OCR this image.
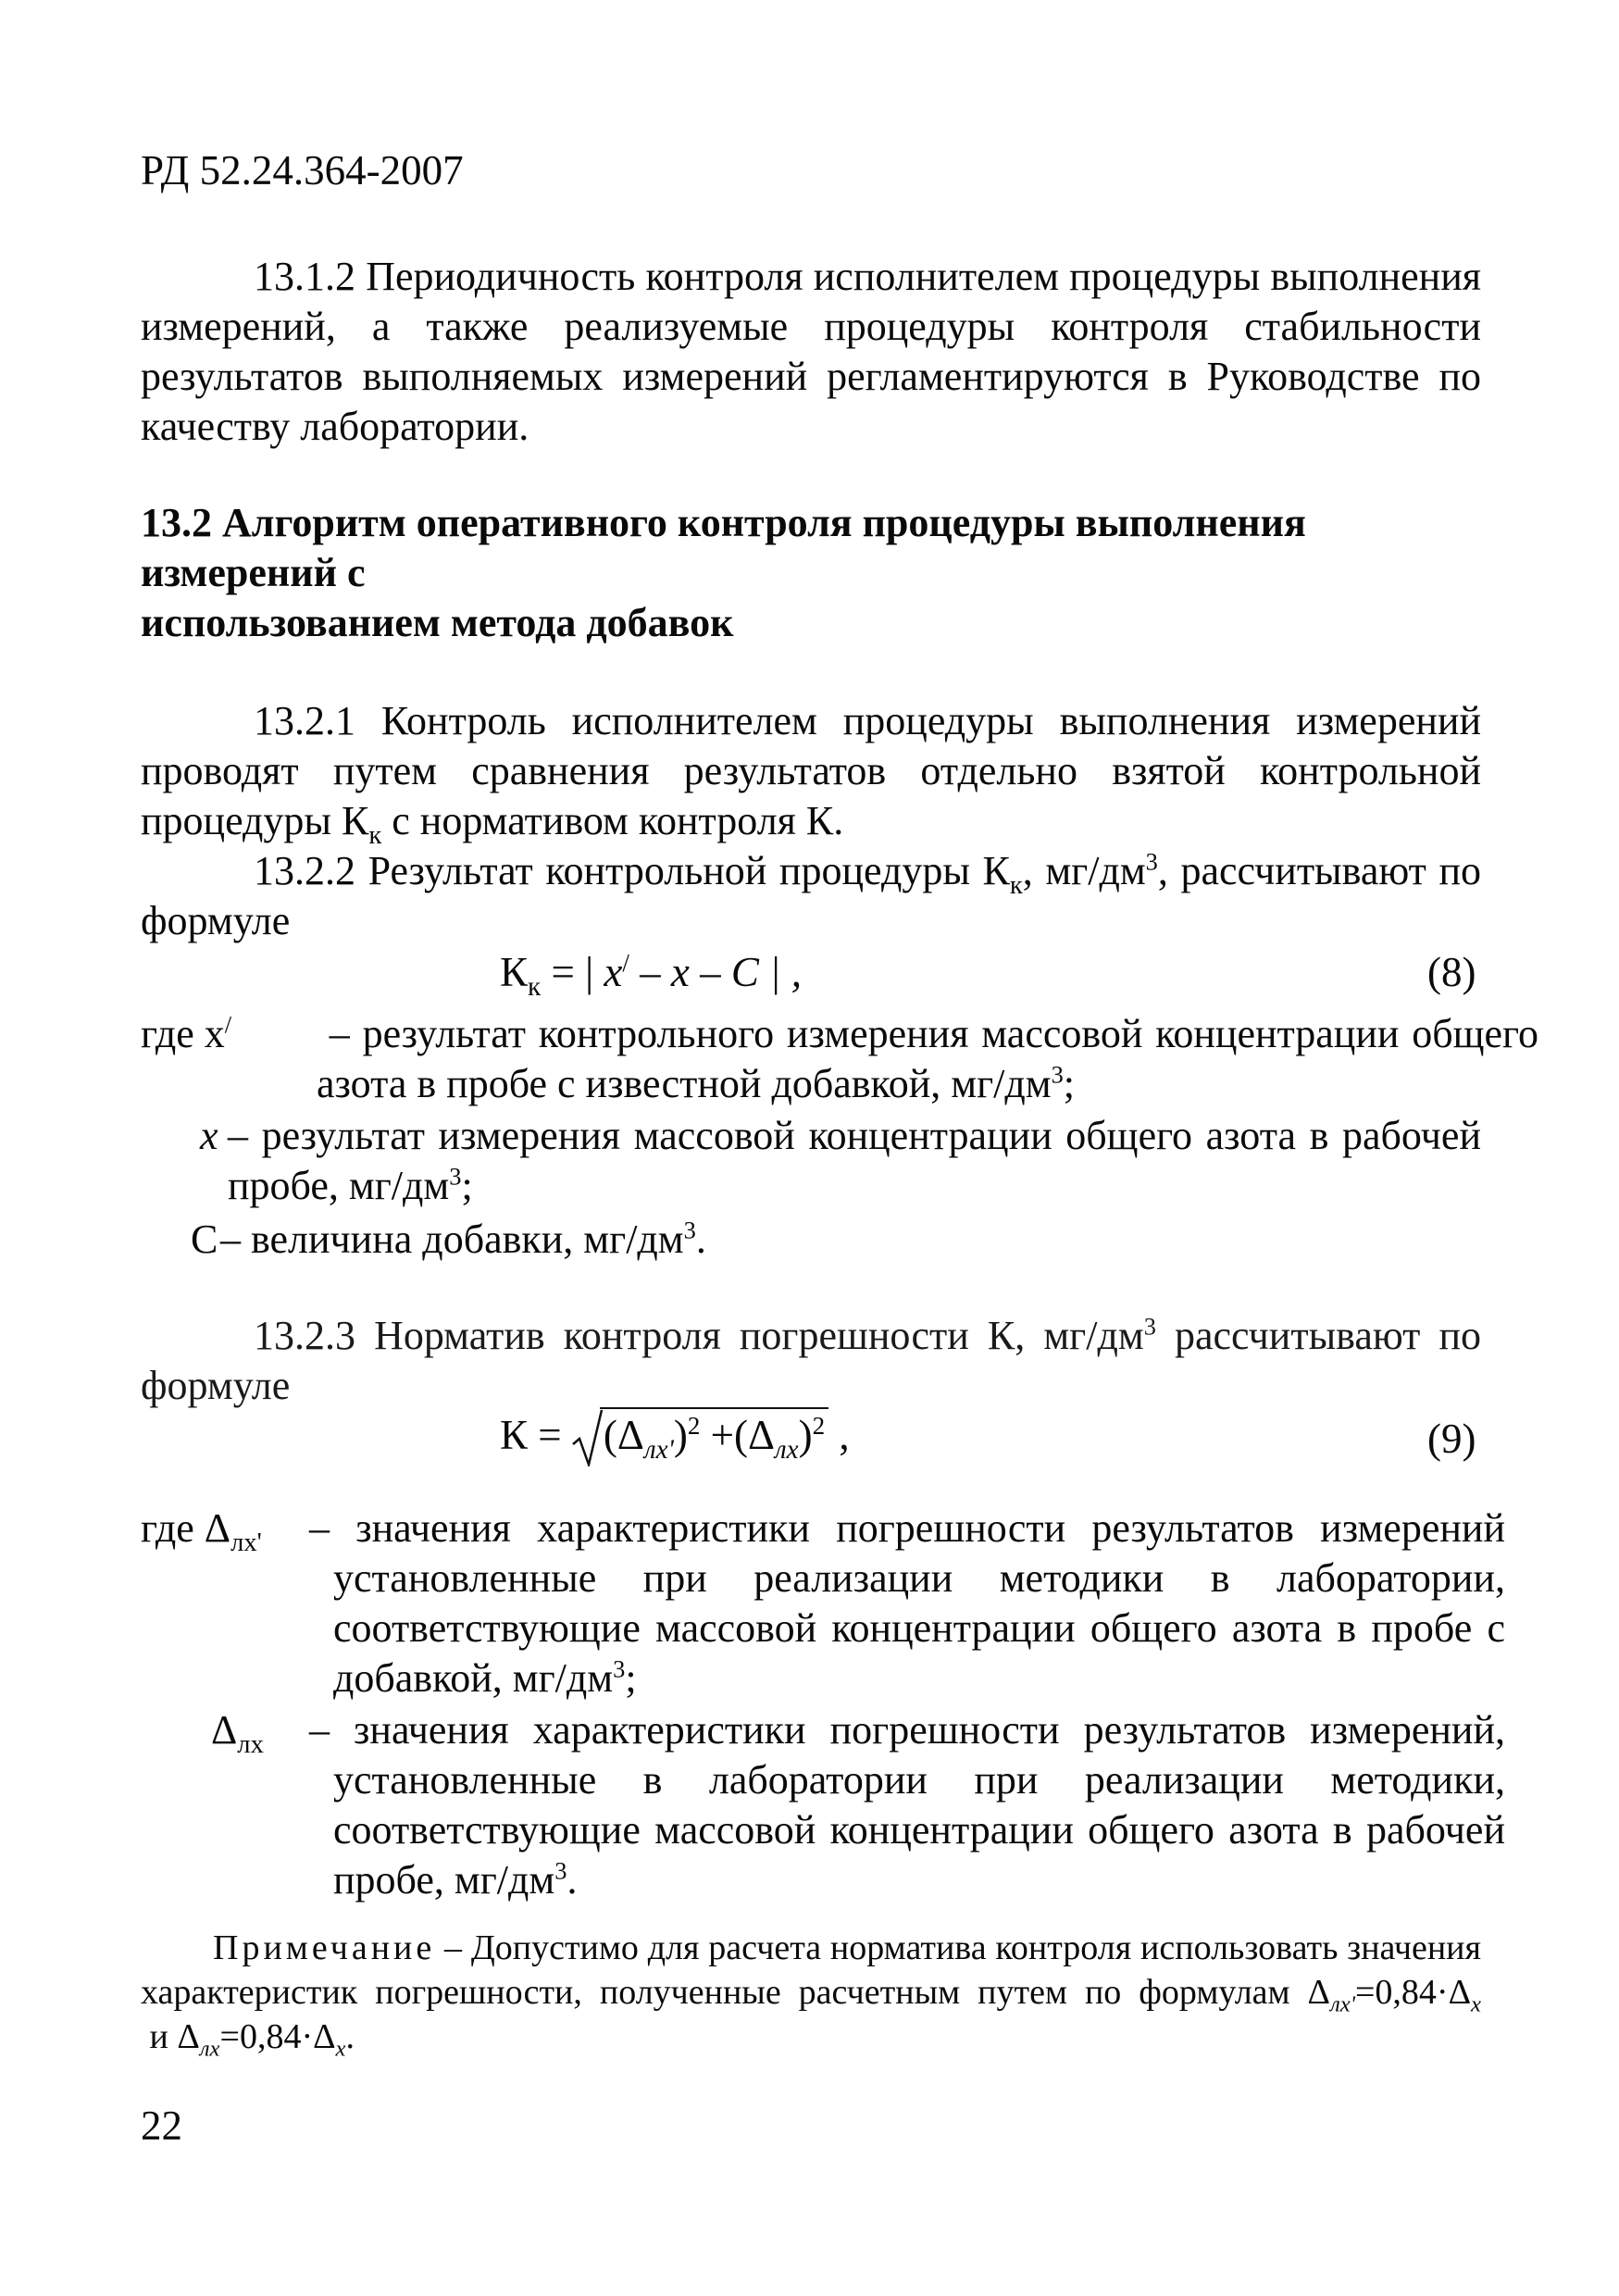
РД 52.24.364-2007
13.1.2 Периодичность контроля исполнителем процедуры выполнения измерений, а также реализуемые процедуры контроля стабильности результатов выполняемых измерений регламентируются в Руководстве по качеству лаборатории.
13.2 Алгоритм оперативного контроля процедуры выполнения измерений с
использованием метода добавок
13.2.1 Контроль исполнителем процедуры выполнения измерений проводят путем сравнения результатов отдельно взятой контрольной процедуры $К_к$ с нормативом контроля К.
13.2.2 Результат контрольной процедуры $К_к$, $мг/дм^3$, рассчитывают по формуле
$К_к$ = | x/ – x – С | ,	(8)
где x/ – результат контрольного измерения массовой концентрации общего азота в пробе с известной добавкой, $мг/дм^3$;
x – результат измерения массовой концентрации общего азота в рабочей пробе, $мг/дм^3$;
С – величина добавки, $мг/дм^3$.
13.2.3 Норматив контроля погрешности К, $мг/дм^3$ рассчитывают по формуле
К =
$(\Delta_{лх'})^2 +(\Delta_{лх})^2$ ,	(9)
где $\Delta_{лх'}$ – значения характеристики погрешности результатов измерений установленные при реализации методики в лаборатории, соответствующие массовой концентрации общего азота в пробе с добавкой, $мг/дм^3$;
$\Delta_{лх}$ – значения характеристики погрешности результатов измерений, установленные в лаборатории при реализации методики, соответствующие массовой концентрации общего азота в рабочей пробе, $мг/дм^3$.
Примечание – Допустимо для расчета норматива контроля использовать значения характеристик погрешности, полученные расчетным путем по формулам $\Delta_{лх'}=0,84\cdot\Delta_х$ и $\Delta_{лх}=0,84\cdot\Delta_х$.
22
